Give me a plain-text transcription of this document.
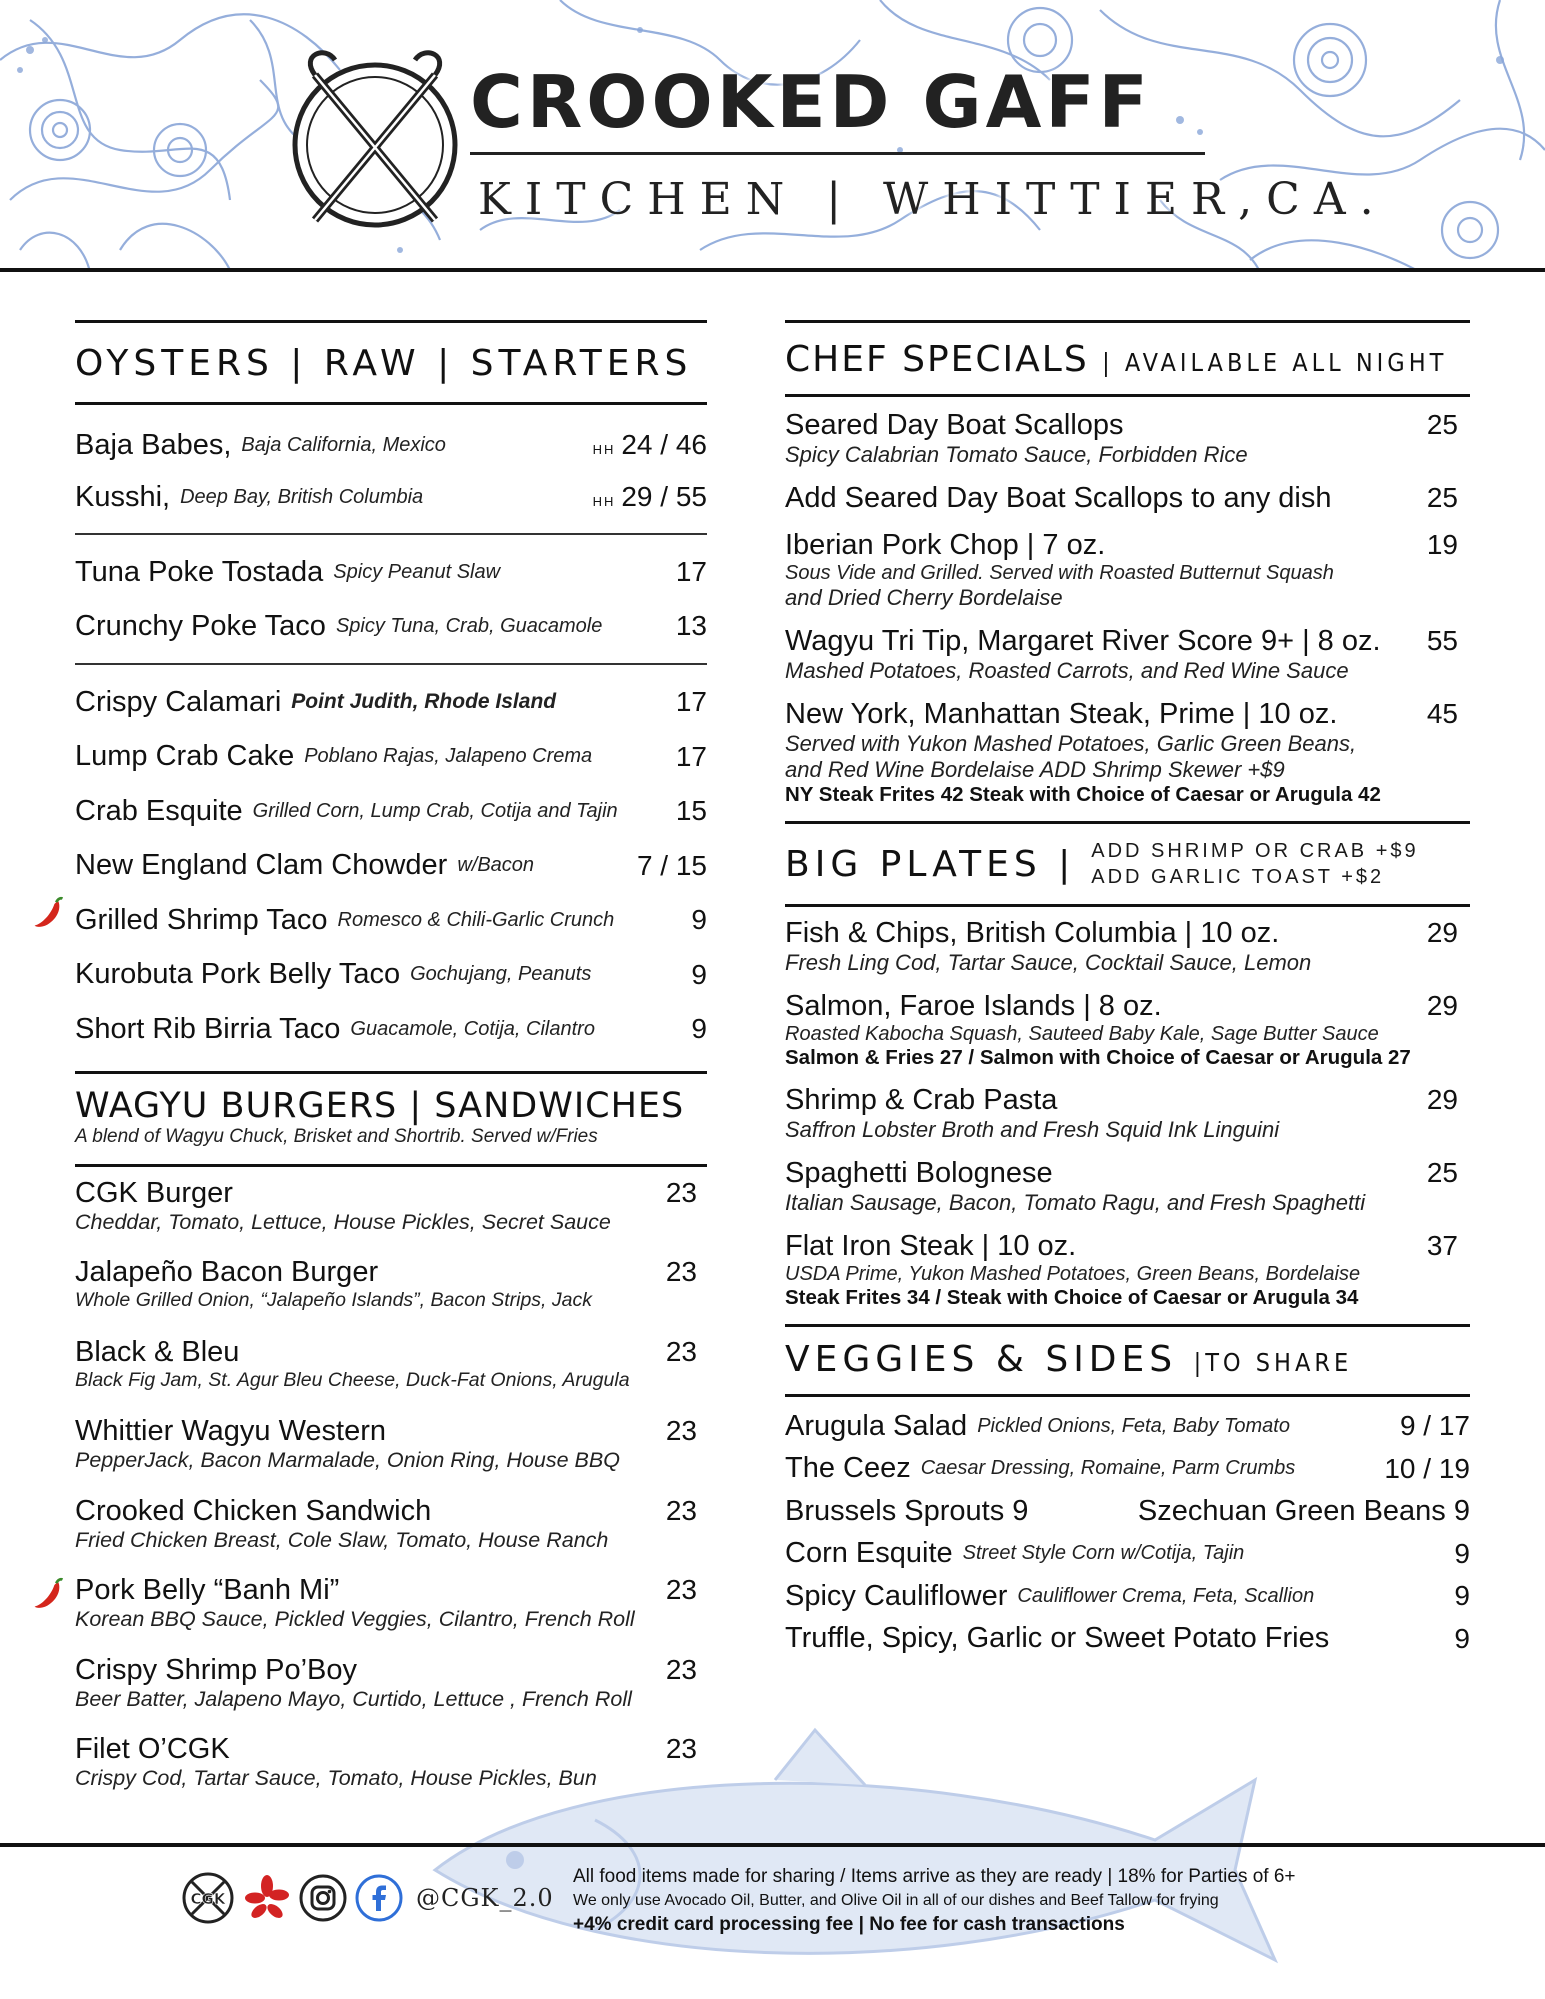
CROOKED GAFF
KITCHEN | WHITTIER,CA.
OYSTERS | RAW | STARTERS
Baja Babes, Baja California, Mexico	HH 24 / 46
Kusshi, Deep Bay, British Columbia	HH 29 / 55
Tuna Poke Tostada Spicy Peanut Slaw	17
Crunchy Poke Taco Spicy Tuna, Crab, Guacamole	13
Crispy Calamari Point Judith, Rhode Island	17
Lump Crab Cake Poblano Rajas, Jalapeno Crema	17
Crab Esquite Grilled Corn, Lump Crab, Cotija and Tajin 15
New England Clam Chowder w/Bacon	7 / 15
Grilled Shrimp Taco Romesco & Chili-Garlic Crunch	9
Kurobuta Pork Belly Taco Gochujang, Peanuts	9
Short Rib Birria Taco Guacamole, Cotija, Cilantro	9
WAGYU BURGERS | SANDWICHES
A blend of Wagyu Chuck, Brisket and Shortrib. Served w/Fries
CGK Burger	23
Cheddar, Tomato, Lettuce, House Pickles, Secret Sauce
Jalapeño Bacon Burger	23
Whole Grilled Onion, “Jalapeño Islands”, Bacon Strips, Jack
Black & Bleu	23
Black Fig Jam, St. Agur Bleu Cheese, Duck-Fat Onions, Arugula
Whittier Wagyu Western	23
PepperJack, Bacon Marmalade, Onion Ring, House BBQ
Crooked Chicken Sandwich	23
Fried Chicken Breast, Cole Slaw, Tomato, House Ranch
Pork Belly “Banh Mi”	23
Korean BBQ Sauce, Pickled Veggies, Cilantro, French Roll
Crispy Shrimp Po’Boy	23
Beer Batter, Jalapeno Mayo, Curtido, Lettuce , French Roll
Filet O’CGK	23
Crispy Cod, Tartar Sauce, Tomato, House Pickles, Bun
CHEF SPECIALS | AVAILABLE ALL NIGHT
Seared Day Boat Scallops	25
Spicy Calabrian Tomato Sauce, Forbidden Rice
Add Seared Day Boat Scallops to any dish	25
Iberian Pork Chop | 7 oz.	19
Sous Vide and Grilled. Served with Roasted Butternut Squash
and Dried Cherry Bordelaise
Wagyu Tri Tip, Margaret River Score 9+ | 8 oz. 55
Mashed Potatoes, Roasted Carrots, and Red Wine Sauce
New York, Manhattan Steak, Prime | 10 oz.	45
Served with Yukon Mashed Potatoes, Garlic Green Beans,
and Red Wine Bordelaise ADD Shrimp Skewer +$9
NY Steak Frites 42 Steak with Choice of Caesar or Arugula 42
BIG PLATES | ADD SHRIMP OR CRAB +$9
ADD GARLIC TOAST +$2
Fish & Chips, British Columbia | 10 oz.	29
Fresh Ling Cod, Tartar Sauce, Cocktail Sauce, Lemon
Salmon, Faroe Islands | 8 oz.	29
Roasted Kabocha Squash, Sauteed Baby Kale, Sage Butter Sauce
Salmon & Fries 27 / Salmon with Choice of Caesar or Arugula 27
Shrimp & Crab Pasta	29
Saffron Lobster Broth and Fresh Squid Ink Linguini
Spaghetti Bolognese	25
Italian Sausage, Bacon, Tomato Ragu, and Fresh Spaghetti
Flat Iron Steak | 10 oz.	37
USDA Prime, Yukon Mashed Potatoes, Green Beans, Bordelaise
Steak Frites 34 / Steak with Choice of Caesar or Arugula 34
VEGGIES & SIDES |TO SHARE
Arugula Salad Pickled Onions, Feta, Baby Tomato	9 / 17
The Ceez Caesar Dressing, Romaine, Parm Crumbs	10 / 19
Brussels Sprouts 9	Szechuan Green Beans 9
Corn Esquite Street Style Corn w/Cotija, Tajin	9
Spicy Cauliflower Cauliflower Crema, Feta, Scallion	9
Truffle, Spicy, Garlic or Sweet Potato Fries	9
CGK	@CGK_2.0
All food items made for sharing / Items arrive as they are ready | 18% for Parties of 6+
We only use Avocado Oil, Butter, and Olive Oil in all of our dishes and Beef Tallow for frying
+4% credit card processing fee | No fee for cash transactions
